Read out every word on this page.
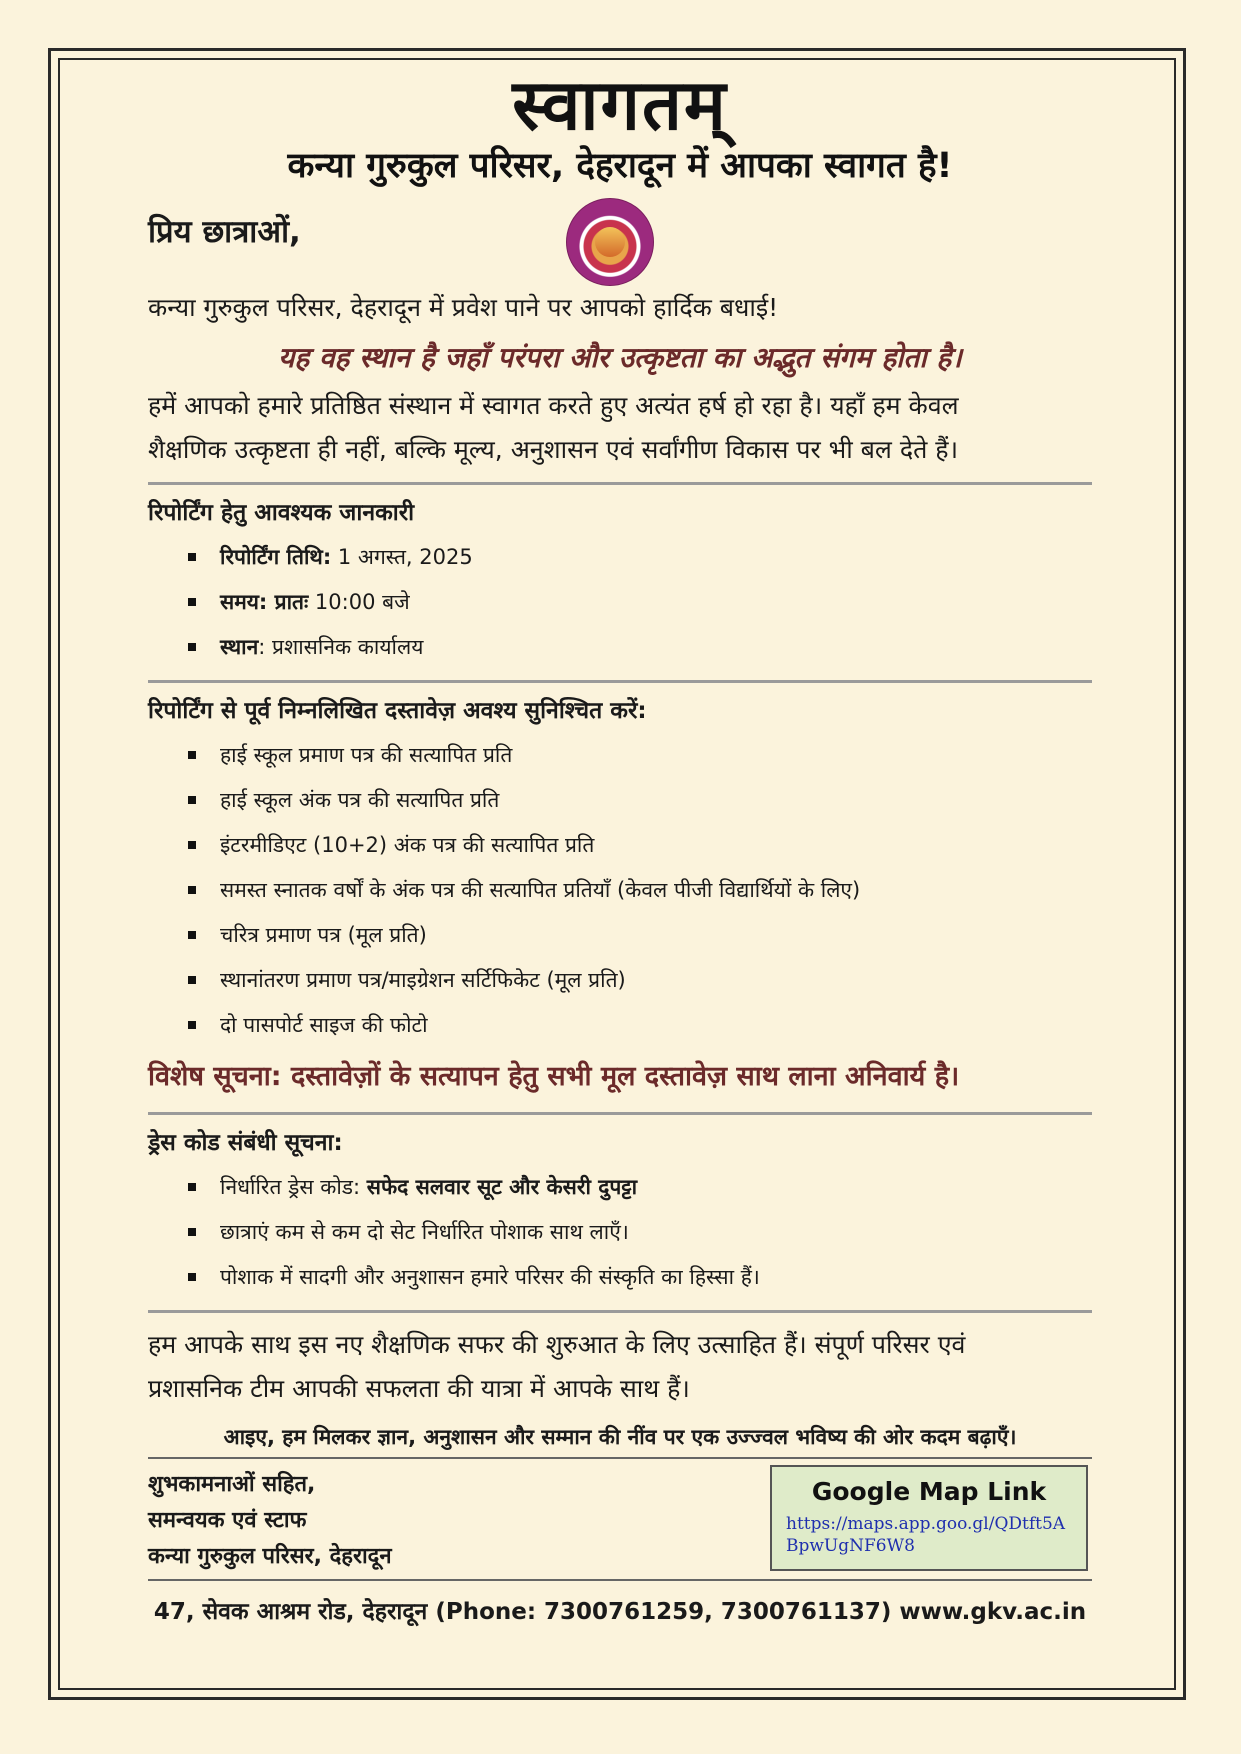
स्वागतम्
कन्या गुरुकुल परिसर, देहरादून में आपका स्वागत है!
प्रिय छात्राओं,

कन्या गुरुकुल परिसर, देहरादून में प्रवेश पाने पर आपको हार्दिक बधाई!

यह वह स्थान है जहाँ परंपरा और उत्कृष्टता का अद्भुत संगम होता है।

हमें आपको हमारे प्रतिष्ठित संस्थान में स्वागत करते हुए अत्यंत हर्ष हो रहा है। यहाँ हम केवल

शैक्षणिक उत्कृष्टता ही नहीं, बल्कि मूल्य, अनुशासन एवं सर्वांगीण विकास पर भी बल देते हैं।

रिपोर्टिंग हेतु आवश्यक जानकारी
रिपोर्टिंग तिथि: 1 अगस्त, 2025
समय: प्रातः 10:00 बजे
स्थान: प्रशासनिक कार्यालय
रिपोर्टिंग से पूर्व निम्नलिखित दस्तावेज़ अवश्य सुनिश्चित करें:
हाई स्कूल प्रमाण पत्र की सत्यापित प्रति
हाई स्कूल अंक पत्र की सत्यापित प्रति
इंटरमीडिएट (10+2) अंक पत्र की सत्यापित प्रति
समस्त स्नातक वर्षों के अंक पत्र की सत्यापित प्रतियाँ (केवल पीजी विद्यार्थियों के लिए)
चरित्र प्रमाण पत्र (मूल प्रति)
स्थानांतरण प्रमाण पत्र/माइग्रेशन सर्टिफिकेट (मूल प्रति)
दो पासपोर्ट साइज की फोटो

विशेष सूचना: दस्तावेज़ों के सत्यापन हेतु सभी मूल दस्तावेज़ साथ लाना अनिवार्य है।

ड्रेस कोड संबंधी सूचना:
निर्धारित ड्रेस कोड: सफेद सलवार सूट और केसरी दुपट्टा
छात्राएं कम से कम दो सेट निर्धारित पोशाक साथ लाएँ।
पोशाक में सादगी और अनुशासन हमारे परिसर की संस्कृति का हिस्सा हैं।

हम आपके साथ इस नए शैक्षणिक सफर की शुरुआत के लिए उत्साहित हैं। संपूर्ण परिसर एवं

प्रशासनिक टीम आपकी सफलता की यात्रा में आपके साथ हैं।

आइए, हम मिलकर ज्ञान, अनुशासन और सम्मान की नींव पर एक उज्ज्वल भविष्य की ओर कदम बढ़ाएँ।

शुभकामनाओं सहित,
समन्वयक एवं स्टाफ
कन्या गुरुकुल परिसर, देहरादून
Google Map Link
https://maps.app.goo.gl/QDtft5ABpwUgNF6W8
47, सेवक आश्रम रोड, देहरादून (Phone: 7300761259, 7300761137) www.gkv.ac.in
